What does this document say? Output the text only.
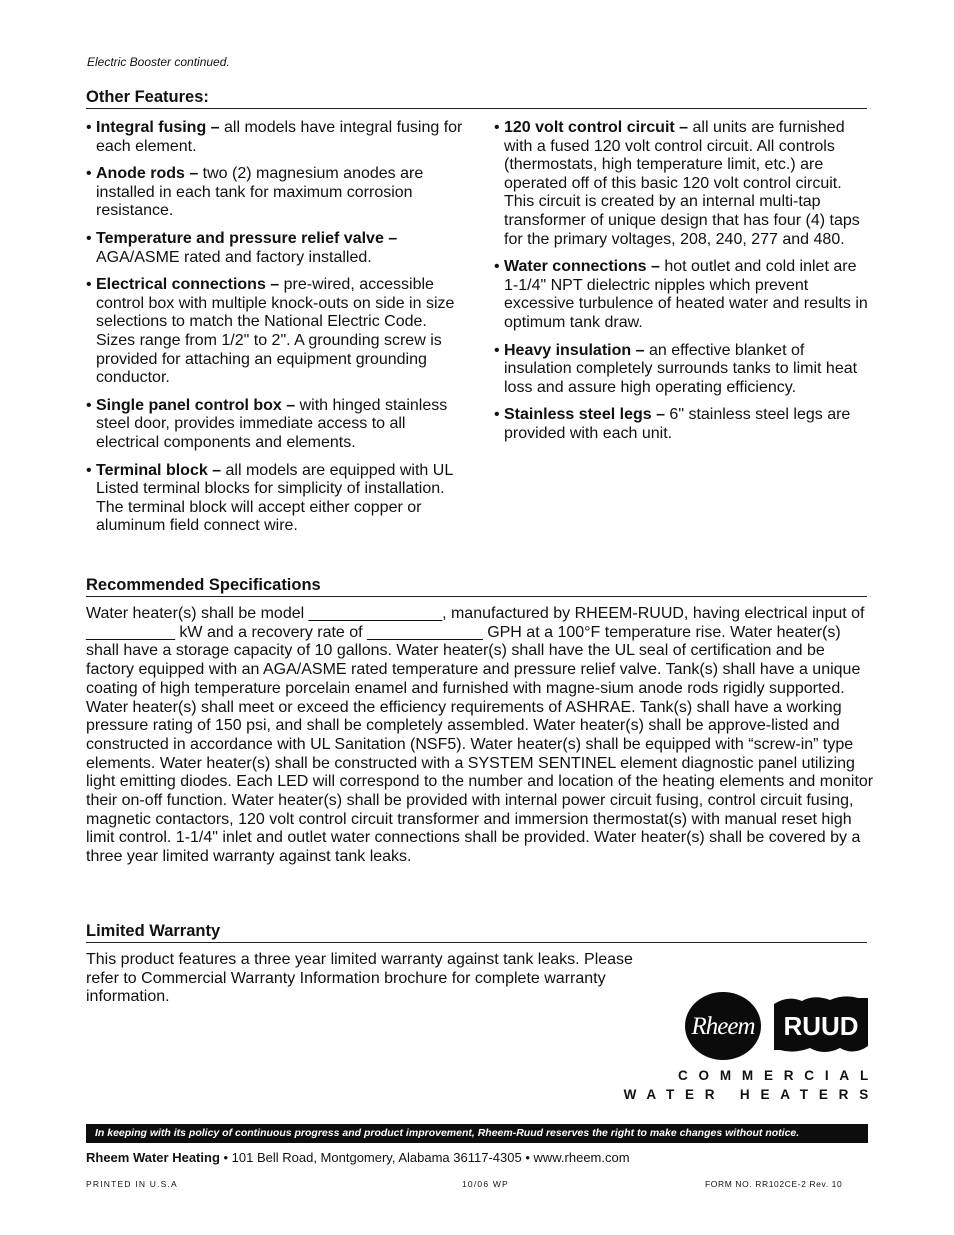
Electric Booster continued.
Other Features:
• Integral fusing – all models have integral fusing for each element.
• Anode rods – two (2) magnesium anodes are installed in each tank for maximum corrosion resistance.
• Temperature and pressure relief valve – AGA/ASME rated and factory installed.
• Electrical connections – pre-wired, accessible control box with multiple knock-outs on side in size selections to match the National Electric Code. Sizes range from 1/2" to 2". A grounding screw is provided for attaching an equipment grounding conductor.
• Single panel control box – with hinged stainless steel door, provides immediate access to all electrical components and elements.
• Terminal block – all models are equipped with UL Listed terminal blocks for simplicity of installation. The terminal block will accept either copper or aluminum field connect wire.
• 120 volt control circuit – all units are furnished with a fused 120 volt control circuit. All controls (thermostats, high temperature limit, etc.) are operated off of this basic 120 volt control circuit. This circuit is created by an internal multi-tap transformer of unique design that has four (4) taps for the primary voltages, 208, 240, 277 and 480.
• Water connections – hot outlet and cold inlet are 1-1/4" NPT dielectric nipples which prevent excessive turbulence of heated water and results in optimum tank draw.
• Heavy insulation – an effective blanket of insulation completely surrounds tanks to limit heat loss and assure high operating efficiency.
• Stainless steel legs – 6" stainless steel legs are provided with each unit.
Recommended Specifications
Water heater(s) shall be model _______________, manufactured by RHEEM-RUUD, having electrical input of __________ kW and a recovery rate of _____________ GPH at a 100°F temperature rise. Water heater(s) shall have a storage capacity of 10 gallons. Water heater(s) shall have the UL seal of certification and be factory equipped with an AGA/ASME rated temperature and pressure relief valve. Tank(s) shall have a unique coating of high temperature porcelain enamel and furnished with magne-sium anode rods rigidly supported. Water heater(s) shall meet or exceed the efficiency requirements of ASHRAE. Tank(s) shall have a working pressure rating of 150 psi, and shall be completely assembled. Water heater(s) shall be approve-listed and constructed in accordance with UL Sanitation (NSF5). Water heater(s) shall be equipped with “screw-in” type elements. Water heater(s) shall be constructed with a SYSTEM SENTINEL element diagnostic panel utilizing light emitting diodes. Each LED will correspond to the number and location of the heating elements and monitor their on-off function. Water heater(s) shall be provided with internal power circuit fusing, control circuit fusing, magnetic contactors, 120 volt control circuit transformer and immersion thermostat(s) with manual reset high limit control. 1-1/4" inlet and outlet water connections shall be provided. Water heater(s) shall be covered by a three year limited warranty against tank leaks.
Limited Warranty
This product features a three year limited warranty against tank leaks. Please refer to Commercial Warranty Information brochure for complete warranty information.
Rheem RUUD
COMMERCIAL
WATER HEATERS
In keeping with its policy of continuous progress and product improvement, Rheem-Ruud reserves the right to make changes without notice.
Rheem Water Heating • 101 Bell Road, Montgomery, Alabama 36117-4305 • www.rheem.com
PRINTED IN U.S.A	10/06 WP	FORM NO. RR102CE-2 Rev. 10
